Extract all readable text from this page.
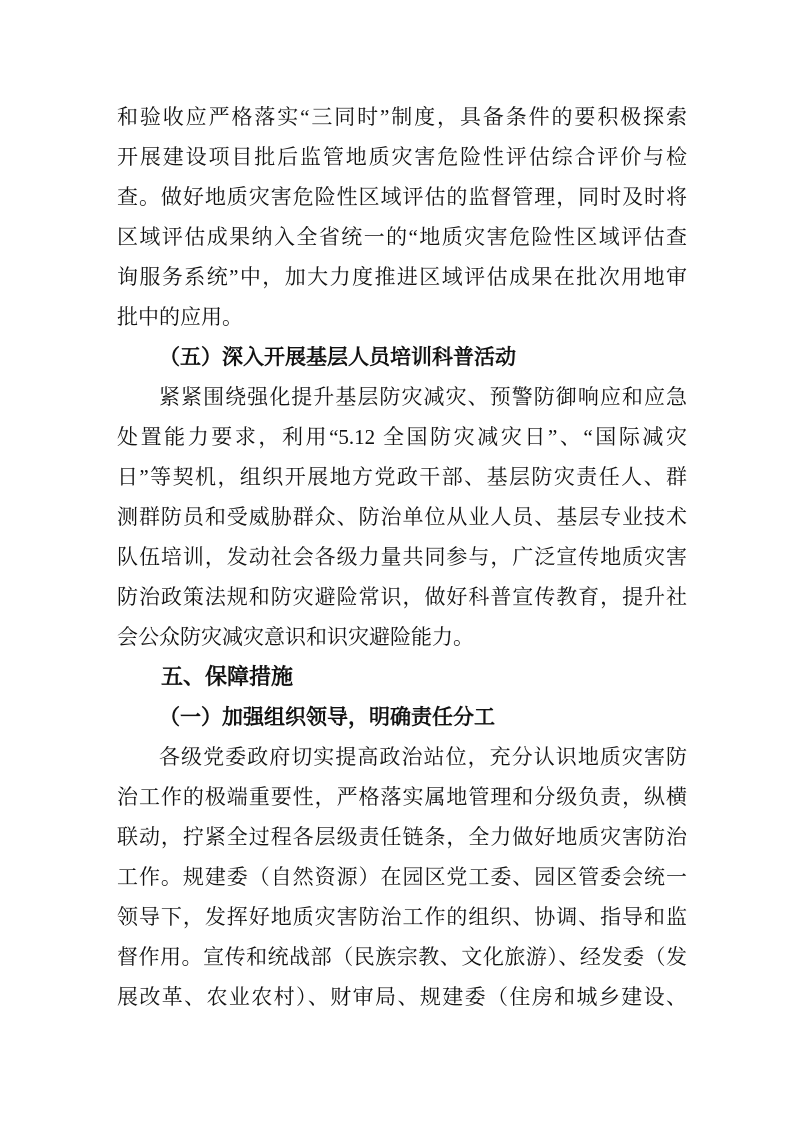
和验收应严格落实“三同时”制度，具备条件的要积极探索
开展建设项目批后监管地质灾害危险性评估综合评价与检
查。做好地质灾害危险性区域评估的监督管理，同时及时将
区域评估成果纳入全省统一的“地质灾害危险性区域评估查
询服务系统”中，加大力度推进区域评估成果在批次用地审
批中的应用。
（五）深入开展基层人员培训科普活动
紧紧围绕强化提升基层防灾减灾、预警防御响应和应急
处置能力要求，利用“5.12 全国防灾减灾日”、“国际减灾
日”等契机，组织开展地方党政干部、基层防灾责任人、群
测群防员和受威胁群众、防治单位从业人员、基层专业技术
队伍培训，发动社会各级力量共同参与，广泛宣传地质灾害
防治政策法规和防灾避险常识，做好科普宣传教育，提升社
会公众防灾减灾意识和识灾避险能力。
五、保障措施
（一）加强组织领导，明确责任分工
各级党委政府切实提高政治站位，充分认识地质灾害防
治工作的极端重要性，严格落实属地管理和分级负责，纵横
联动，拧紧全过程各层级责任链条，全力做好地质灾害防治
工作。规建委（自然资源）在园区党工委、园区管委会统一
领导下，发挥好地质灾害防治工作的组织、协调、指导和监
督作用。宣传和统战部（民族宗教、文化旅游）、经发委（发
展改革、农业农村）、财审局、规建委（住房和城乡建设、
